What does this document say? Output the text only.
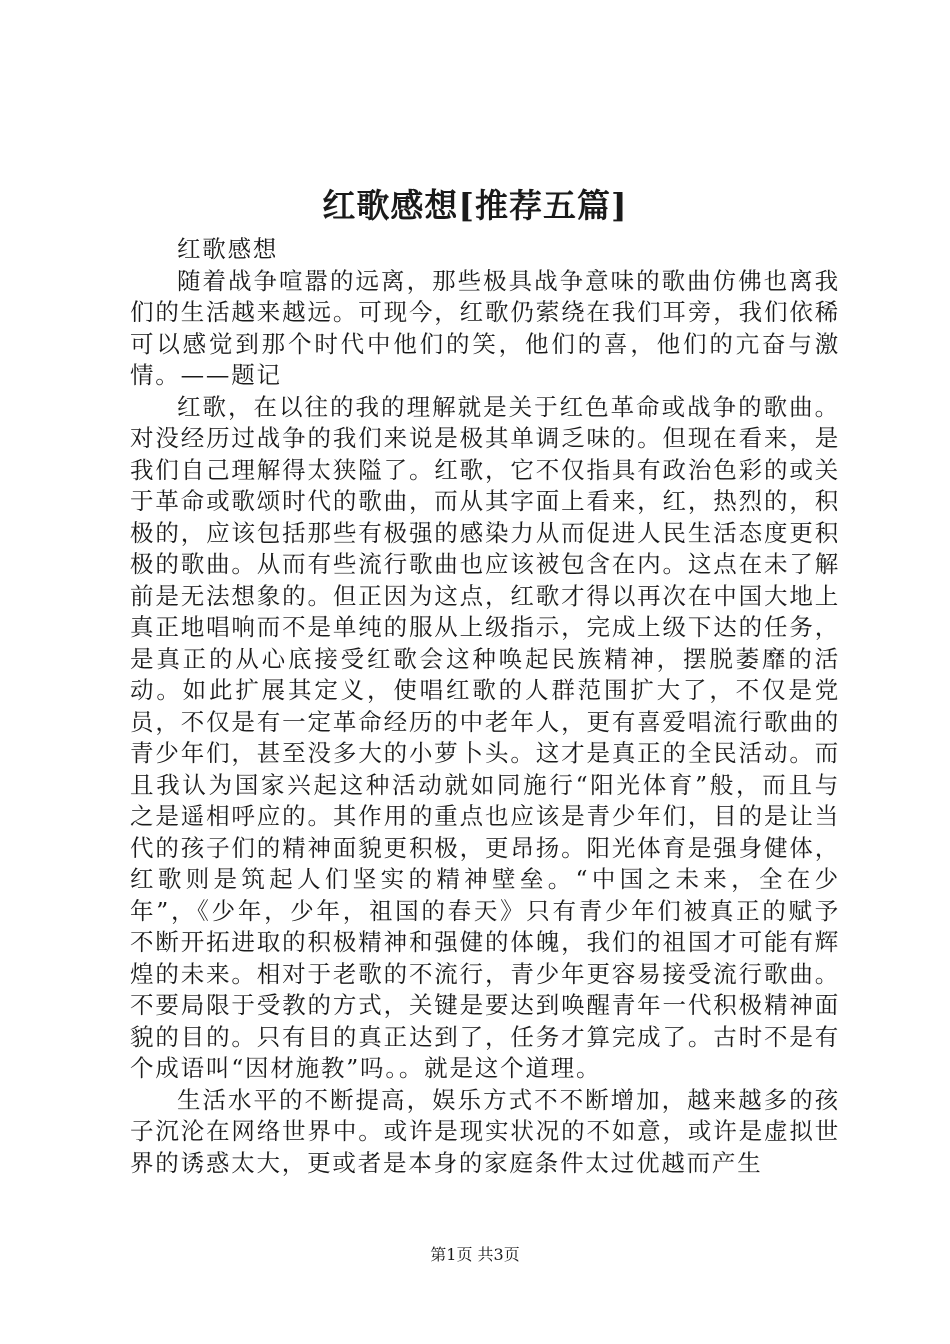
红歌感想[推荐五篇]

红歌感想

随着战争喧嚣的远离，那些极具战争意味的歌曲仿佛也离我们的生活越来越远。可现今，红歌仍萦绕在我们耳旁，我们依稀可以感觉到那个时代中他们的笑，他们的喜，他们的亢奋与激情。——题记

红歌，在以往的我的理解就是关于红色革命或战争的歌曲。对没经历过战争的我们来说是极其单调乏味的。但现在看来，是我们自己理解得太狭隘了。红歌，它不仅指具有政治色彩的或关于革命或歌颂时代的歌曲，而从其字面上看来，红，热烈的，积极的，应该包括那些有极强的感染力从而促进人民生活态度更积极的歌曲。从而有些流行歌曲也应该被包含在内。这点在未了解前是无法想象的。但正因为这点，红歌才得以再次在中国大地上真正地唱响而不是单纯的服从上级指示，完成上级下达的任务，是真正的从心底接受红歌会这种唤起民族精神，摆脱萎靡的活动。如此扩展其定义，使唱红歌的人群范围扩大了，不仅是党员，不仅是有一定革命经历的中老年人，更有喜爱唱流行歌曲的青少年们，甚至没多大的小萝卜头。这才是真正的全民活动。而且我认为国家兴起这种活动就如同施行“阳光体育”般，而且与之是遥相呼应的。其作用的重点也应该是青少年们，目的是让当代的孩子们的精神面貌更积极，更昂扬。阳光体育是强身健体，红歌则是筑起人们坚实的精神壁垒。“中国之未来，全在少年”，《少年，少年，祖国的春天》只有青少年们被真正的赋予不断开拓进取的积极精神和强健的体魄，我们的祖国才可能有辉煌的未来。相对于老歌的不流行，青少年更容易接受流行歌曲。不要局限于受教的方式，关键是要达到唤醒青年一代积极精神面貌的目的。只有目的真正达到了，任务才算完成了。古时不是有个成语叫“因材施教”吗。。就是这个道理。

生活水平的不断提高，娱乐方式不不断增加，越来越多的孩子沉沦在网络世界中。或许是现实状况的不如意，或许是虚拟世界的诱惑太大，更或者是本身的家庭条件太过优越而产生

第1页 共3页
